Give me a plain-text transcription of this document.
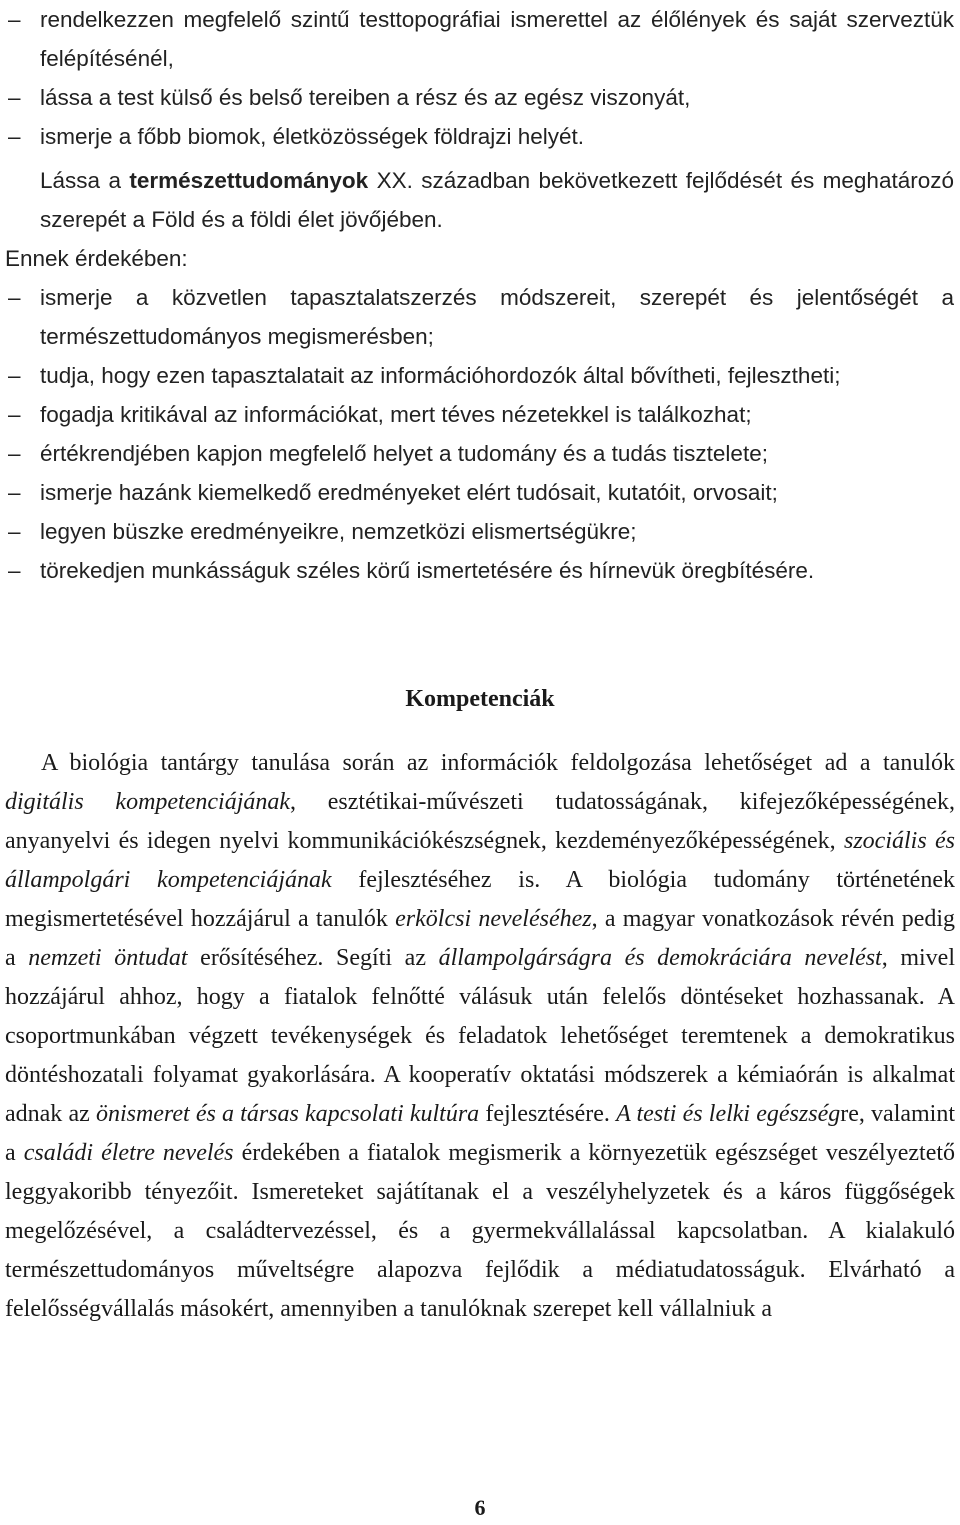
– rendelkezzen megfelelő szintű testtopográfiai ismerettel az élőlények és saját szerveztük felépítésénél,
– lássa a test külső és belső tereiben a rész és az egész viszonyát,
– ismerje a főbb biomok, életközösségek földrajzi helyét.
Lássa a természettudományok XX. században bekövetkezett fejlődését és meghatározó szerepét a Föld és a földi élet jövőjében.
Ennek érdekében:
– ismerje a közvetlen tapasztalatszerzés módszereit, szerepét és jelentőségét a természettudományos megismerésben;
– tudja, hogy ezen tapasztalatait az információhordozók által bővítheti, fejlesztheti;
– fogadja kritikával az információkat, mert téves nézetekkel is találkozhat;
– értékrendjében kapjon megfelelő helyet a tudomány és a tudás tisztelete;
– ismerje hazánk kiemelkedő eredményeket elért tudósait, kutatóit, orvosait;
– legyen büszke eredményeikre, nemzetközi elismertségükre;
– törekedjen munkásságuk széles körű ismertetésére és hírnevük öregbítésére.
Kompetenciák
A biológia tantárgy tanulása során az információk feldolgozása lehetőséget ad a tanulók digitális kompetenciájának, esztétikai-művészeti tudatosságának, kifejezőképességének, anyanyelvi és idegen nyelvi kommunikációkészségnek, kezdeményezőképességének, szociális és állampolgári kompetenciájának fejlesztéséhez is. A biológia tudomány történetének megismertetésével hozzájárul a tanulók erkölcsi neveléséhez, a magyar vonatkozások révén pedig a nemzeti öntudat erősítéséhez. Segíti az állampolgárságra és demokráciára nevelést, mivel hozzájárul ahhoz, hogy a fiatalok felnőtté válásuk után felelős döntéseket hozhassanak. A csoportmunkában végzett tevékenységek és feladatok lehetőséget teremtenek a demokratikus döntéshozatali folyamat gyakorlására. A kooperatív oktatási módszerek a kémiaórán is alkalmat adnak az önismeret és a társas kapcsolati kultúra fejlesztésére. A testi és lelki egészségre, valamint a családi életre nevelés érdekében a fiatalok megismerik a környezetük egészséget veszélyeztető leggyakoribb tényezőit. Ismereteket sajátítanak el a veszélyhelyzetek és a káros függőségek megelőzésével, a családtervezéssel, és a gyermekvállalással kapcsolatban. A kialakuló természettudományos műveltségre alapozva fejlődik a médiatudatosságuk. Elvárható a felelősségvállalás másokért, amennyiben a tanulóknak szerepet kell vállalniuk a
6
